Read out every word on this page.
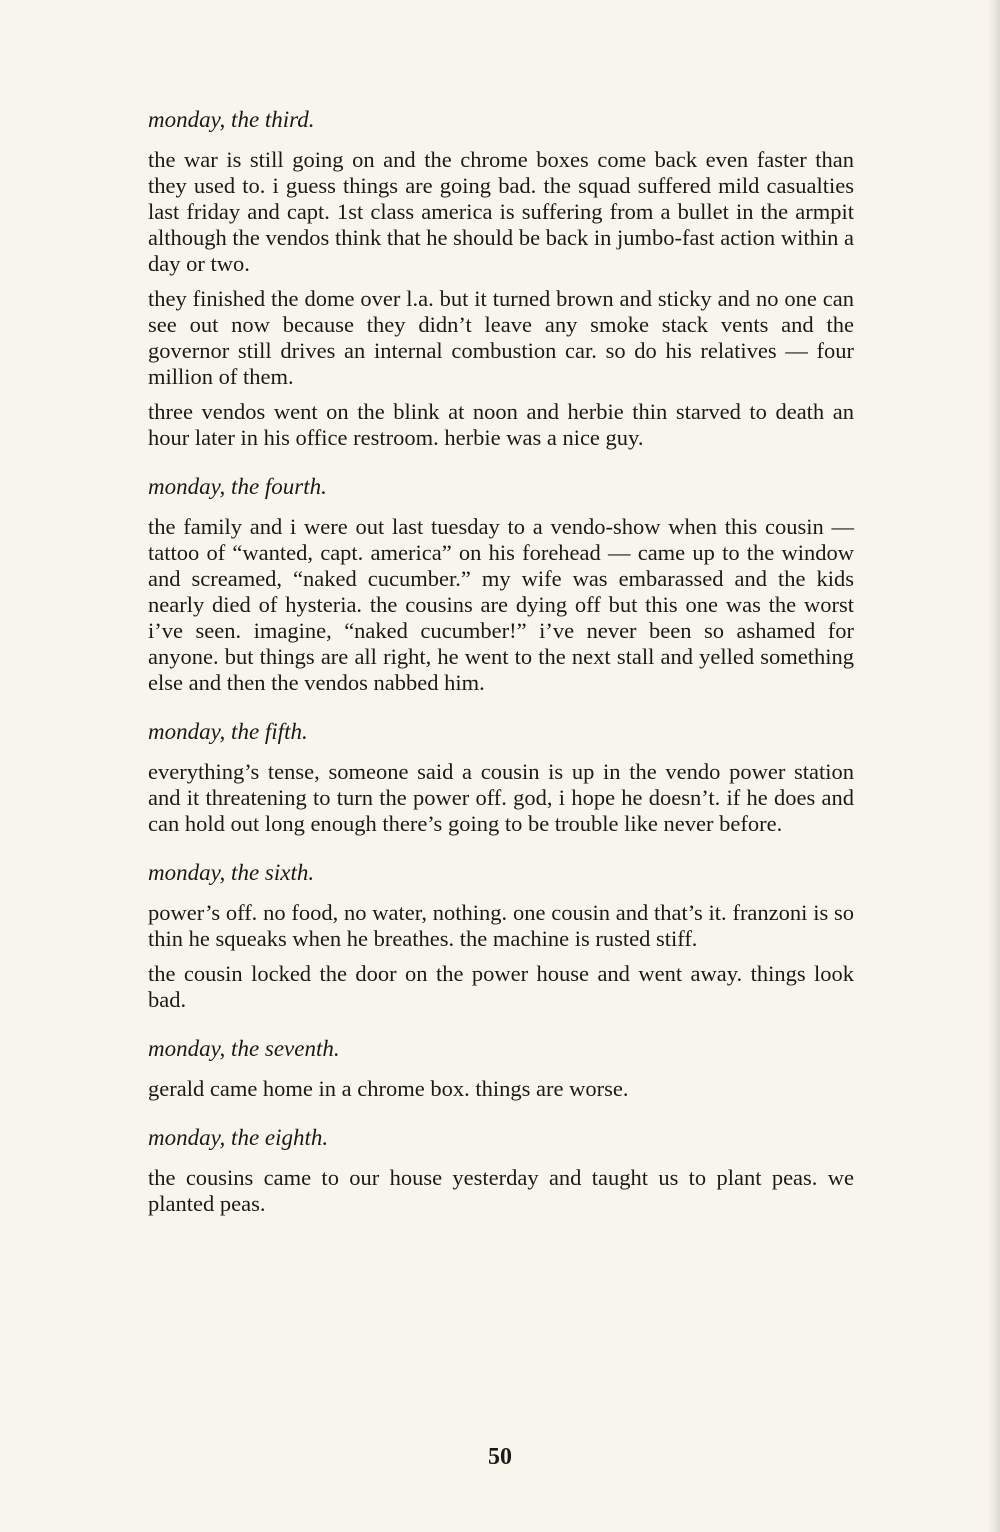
monday, the third.

the war is still going on and the chrome boxes come back even faster than they used to. i guess things are going bad. the squad suffered mild casualties last friday and capt. 1st class america is suffering from a bullet in the armpit although the vendos think that he should be back in jumbo-fast action within a day or two.

they finished the dome over l.a. but it turned brown and sticky and no one can see out now because they didn’t leave any smoke stack vents and the governor still drives an internal combustion car. so do his relatives — four million of them.

three vendos went on the blink at noon and herbie thin starved to death an hour later in his office restroom. herbie was a nice guy.

monday, the fourth.

the family and i were out last tuesday to a vendo-show when this cousin — tattoo of “wanted, capt. america” on his forehead — came up to the window and screamed, “naked cucumber.” my wife was embarassed and the kids nearly died of hysteria. the cousins are dying off but this one was the worst i’ve seen. imagine, “naked cucumber!” i’ve never been so ashamed for anyone. but things are all right, he went to the next stall and yelled something else and then the vendos nabbed him.

monday, the fifth.

everything’s tense, someone said a cousin is up in the vendo power station and it threatening to turn the power off. god, i hope he doesn’t. if he does and can hold out long enough there’s going to be trouble like never before.

monday, the sixth.

power’s off. no food, no water, nothing. one cousin and that’s it. franzoni is so thin he squeaks when he breathes. the machine is rusted stiff.

the cousin locked the door on the power house and went away. things look bad.

monday, the seventh.

gerald came home in a chrome box. things are worse.

monday, the eighth.

the cousins came to our house yesterday and taught us to plant peas. we planted peas.

50
